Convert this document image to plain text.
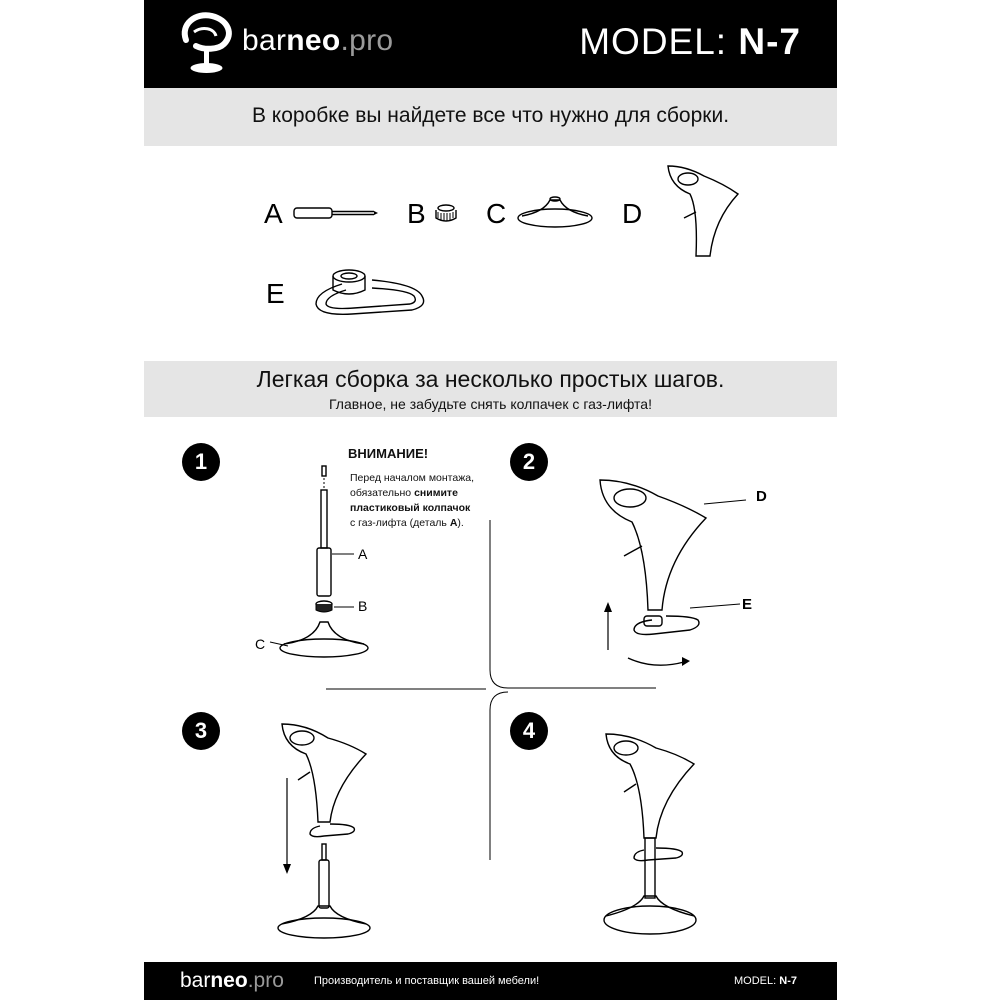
barneo.pro	MODEL: N-7
В коробке вы найдете все что нужно для сборки.
A	B C	D
E
Легкая сборка за несколько простых шагов.
Главное, не забудьте снять колпачек с газ-лифта!
1	2
3	4
ВНИМАНИЕ!
Перед началом монтажа,
обязательно снимите
пластиковый колпачок
с газ-лифта (деталь А).
A
B
C
D
E
barneo.pro	Производитель и поставщик вашей мебели!	MODEL: N-7
